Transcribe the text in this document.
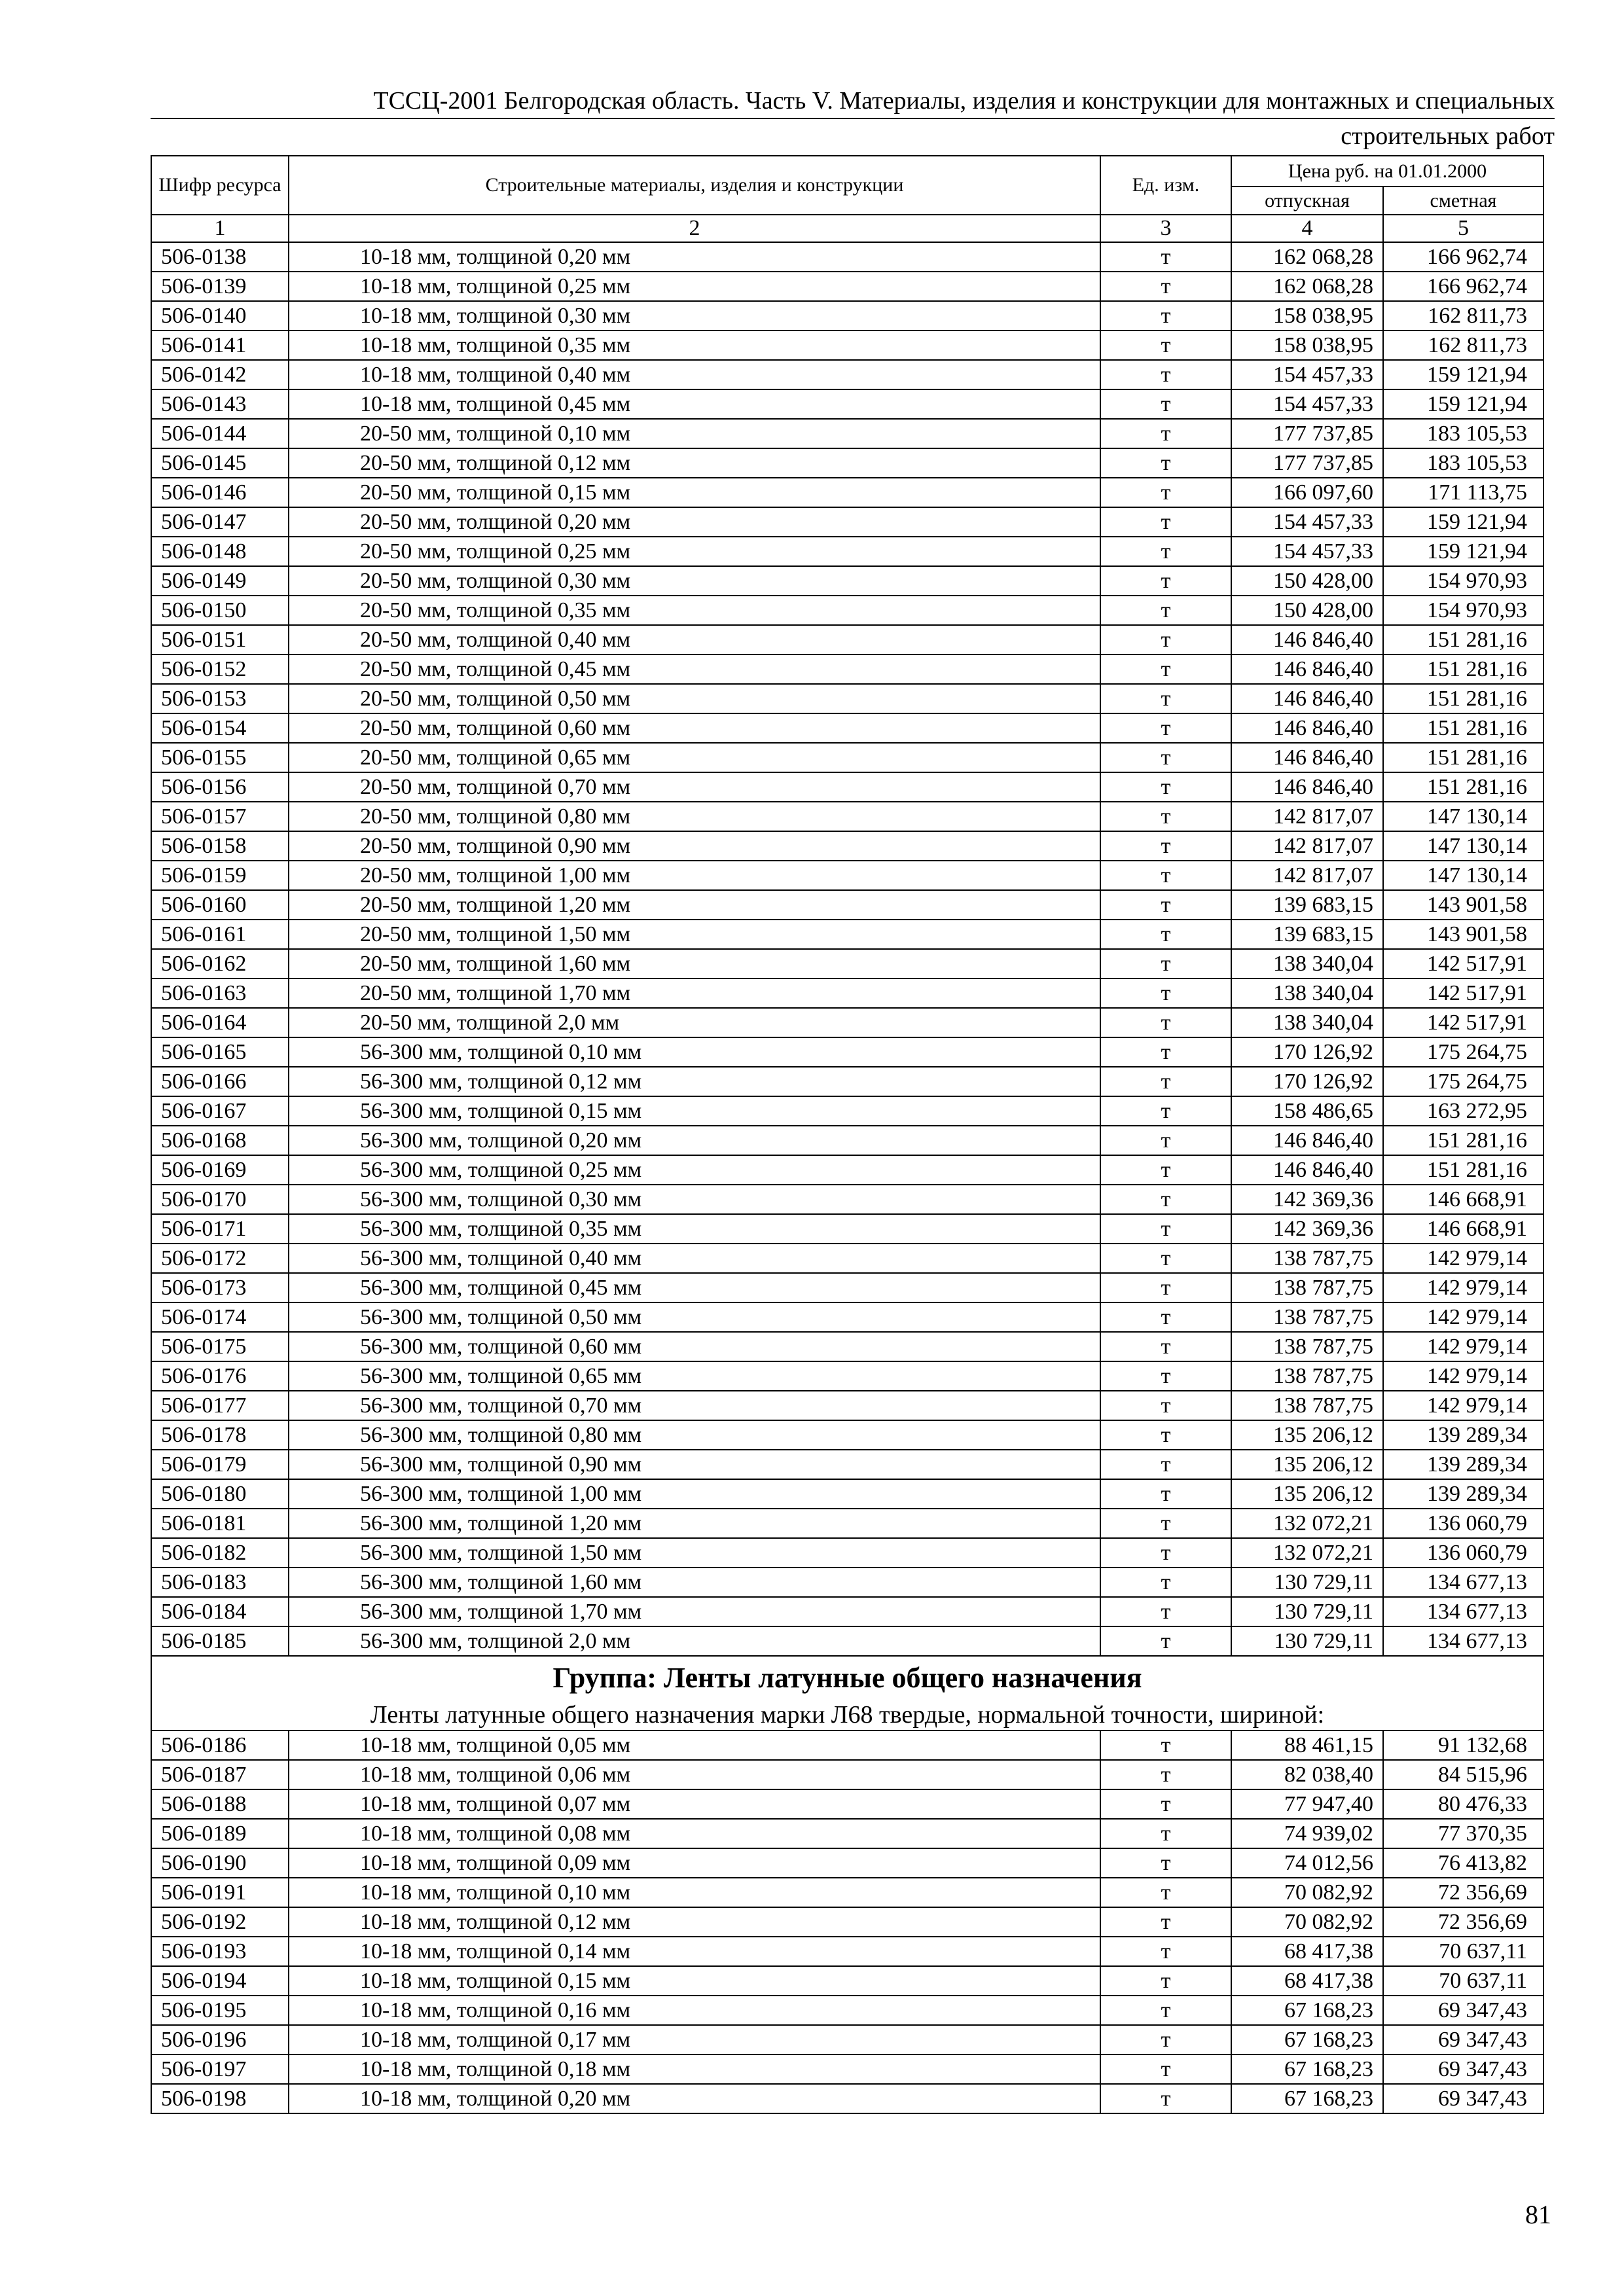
ТССЦ-2001 Белгородская область. Часть V. Материалы, изделия и конструкции для монтажных и специальных
строительных работ
Шифр ресурса	Строительные материалы, изделия и конструкции	Ед. изм.	Цена руб. на 01.01.2000	
			отпускная	сметная
1	2	3	4	5
506-0138	10-18 мм, толщиной 0,20 мм	т	162 068,28	166 962,74
506-0139	10-18 мм, толщиной 0,25 мм	т	162 068,28	166 962,74
506-0140	10-18 мм, толщиной 0,30 мм	т	158 038,95	162 811,73
506-0141	10-18 мм, толщиной 0,35 мм	т	158 038,95	162 811,73
506-0142	10-18 мм, толщиной 0,40 мм	т	154 457,33	159 121,94
506-0143	10-18 мм, толщиной 0,45 мм	т	154 457,33	159 121,94
506-0144	20-50 мм, толщиной 0,10 мм	т	177 737,85	183 105,53
506-0145	20-50 мм, толщиной 0,12 мм	т	177 737,85	183 105,53
506-0146	20-50 мм, толщиной 0,15 мм	т	166 097,60	171 113,75
506-0147	20-50 мм, толщиной 0,20 мм	т	154 457,33	159 121,94
506-0148	20-50 мм, толщиной 0,25 мм	т	154 457,33	159 121,94
506-0149	20-50 мм, толщиной 0,30 мм	т	150 428,00	154 970,93
506-0150	20-50 мм, толщиной 0,35 мм	т	150 428,00	154 970,93
506-0151	20-50 мм, толщиной 0,40 мм	т	146 846,40	151 281,16
506-0152	20-50 мм, толщиной 0,45 мм	т	146 846,40	151 281,16
506-0153	20-50 мм, толщиной 0,50 мм	т	146 846,40	151 281,16
506-0154	20-50 мм, толщиной 0,60 мм	т	146 846,40	151 281,16
506-0155	20-50 мм, толщиной 0,65 мм	т	146 846,40	151 281,16
506-0156	20-50 мм, толщиной 0,70 мм	т	146 846,40	151 281,16
506-0157	20-50 мм, толщиной 0,80 мм	т	142 817,07	147 130,14
506-0158	20-50 мм, толщиной 0,90 мм	т	142 817,07	147 130,14
506-0159	20-50 мм, толщиной 1,00 мм	т	142 817,07	147 130,14
506-0160	20-50 мм, толщиной 1,20 мм	т	139 683,15	143 901,58
506-0161	20-50 мм, толщиной 1,50 мм	т	139 683,15	143 901,58
506-0162	20-50 мм, толщиной 1,60 мм	т	138 340,04	142 517,91
506-0163	20-50 мм, толщиной 1,70 мм	т	138 340,04	142 517,91
506-0164	20-50 мм, толщиной 2,0 мм	т	138 340,04	142 517,91
506-0165	56-300 мм, толщиной 0,10 мм	т	170 126,92	175 264,75
506-0166	56-300 мм, толщиной 0,12 мм	т	170 126,92	175 264,75
506-0167	56-300 мм, толщиной 0,15 мм	т	158 486,65	163 272,95
506-0168	56-300 мм, толщиной 0,20 мм	т	146 846,40	151 281,16
506-0169	56-300 мм, толщиной 0,25 мм	т	146 846,40	151 281,16
506-0170	56-300 мм, толщиной 0,30 мм	т	142 369,36	146 668,91
506-0171	56-300 мм, толщиной 0,35 мм	т	142 369,36	146 668,91
506-0172	56-300 мм, толщиной 0,40 мм	т	138 787,75	142 979,14
506-0173	56-300 мм, толщиной 0,45 мм	т	138 787,75	142 979,14
506-0174	56-300 мм, толщиной 0,50 мм	т	138 787,75	142 979,14
506-0175	56-300 мм, толщиной 0,60 мм	т	138 787,75	142 979,14
506-0176	56-300 мм, толщиной 0,65 мм	т	138 787,75	142 979,14
506-0177	56-300 мм, толщиной 0,70 мм	т	138 787,75	142 979,14
506-0178	56-300 мм, толщиной 0,80 мм	т	135 206,12	139 289,34
506-0179	56-300 мм, толщиной 0,90 мм	т	135 206,12	139 289,34
506-0180	56-300 мм, толщиной 1,00 мм	т	135 206,12	139 289,34
506-0181	56-300 мм, толщиной 1,20 мм	т	132 072,21	136 060,79
506-0182	56-300 мм, толщиной 1,50 мм	т	132 072,21	136 060,79
506-0183	56-300 мм, толщиной 1,60 мм	т	130 729,11	134 677,13
506-0184	56-300 мм, толщиной 1,70 мм	т	130 729,11	134 677,13
506-0185	56-300 мм, толщиной 2,0 мм	т	130 729,11	134 677,13
Группа: Ленты латунные общего назначения				
Ленты латунные общего назначения марки Л68 твердые, нормальной точности, шириной:				
506-0186	10-18 мм, толщиной 0,05 мм	т	88 461,15	91 132,68
506-0187	10-18 мм, толщиной 0,06 мм	т	82 038,40	84 515,96
506-0188	10-18 мм, толщиной 0,07 мм	т	77 947,40	80 476,33
506-0189	10-18 мм, толщиной 0,08 мм	т	74 939,02	77 370,35
506-0190	10-18 мм, толщиной 0,09 мм	т	74 012,56	76 413,82
506-0191	10-18 мм, толщиной 0,10 мм	т	70 082,92	72 356,69
506-0192	10-18 мм, толщиной 0,12 мм	т	70 082,92	72 356,69
506-0193	10-18 мм, толщиной 0,14 мм	т	68 417,38	70 637,11
506-0194	10-18 мм, толщиной 0,15 мм	т	68 417,38	70 637,11
506-0195	10-18 мм, толщиной 0,16 мм	т	67 168,23	69 347,43
506-0196	10-18 мм, толщиной 0,17 мм	т	67 168,23	69 347,43
506-0197	10-18 мм, толщиной 0,18 мм	т	67 168,23	69 347,43
506-0198	10-18 мм, толщиной 0,20 мм	т	67 168,23	69 347,43
81
